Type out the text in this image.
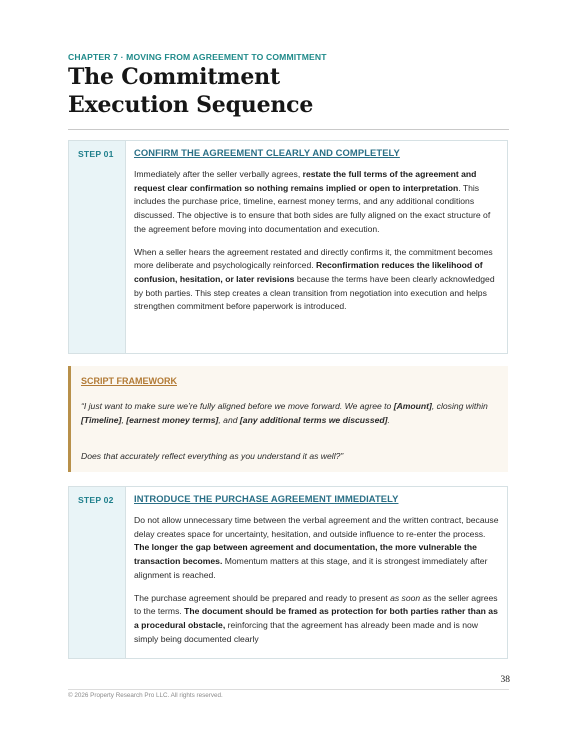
CHAPTER 7 · MOVING FROM AGREEMENT TO COMMITMENT
The Commitment
Execution Sequence
STEP 01 CONFIRM THE AGREEMENT CLEARLY AND COMPLETELY

Immediately after the seller verbally agrees, restate the full terms of the agreement and request clear confirmation so nothing remains implied or open to interpretation. This includes the purchase price, timeline, earnest money terms, and any additional conditions discussed. The objective is to ensure that both sides are fully aligned on the exact structure of the agreement before moving into documentation and execution.

When a seller hears the agreement restated and directly confirms it, the commitment becomes more deliberate and psychologically reinforced. Reconfirmation reduces the likelihood of confusion, hesitation, or later revisions because the terms have been clearly acknowledged by both parties. This step creates a clean transition from negotiation into execution and helps strengthen commitment before paperwork is introduced.

SCRIPT FRAMEWORK

“I just want to make sure we’re fully aligned before we move forward. We agree to [Amount], closing within [Timeline], [earnest money terms], and [any additional terms we discussed].

Does that accurately reflect everything as you understand it as well?”

STEP 02 INTRODUCE THE PURCHASE AGREEMENT IMMEDIATELY

Do not allow unnecessary time between the verbal agreement and the written contract, because delay creates space for uncertainty, hesitation, and outside influence to re-enter the process. The longer the gap between agreement and documentation, the more vulnerable the transaction becomes. Momentum matters at this stage, and it is strongest immediately after alignment is reached.

The purchase agreement should be prepared and ready to present as soon as the seller agrees to the terms. The document should be framed as protection for both parties rather than as a procedural obstacle, reinforcing that the agreement has already been made and is now simply being documented clearly

38
© 2026 Property Research Pro LLC. All rights reserved.
